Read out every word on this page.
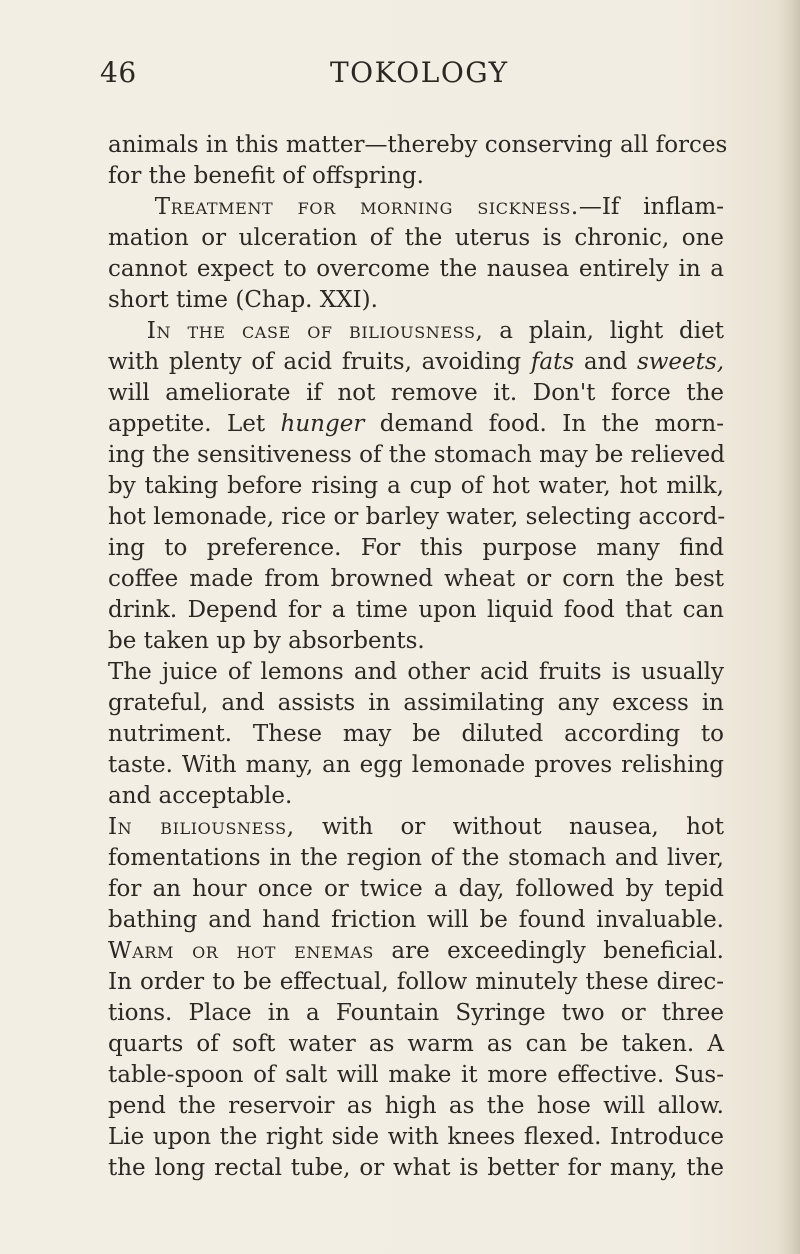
46	TOKOLOGY
animals in this matter—thereby conserving all forces
for the benefit of offspring.
  Treatment for morning sickness.—If inflam-
mation or ulceration of the uterus is chronic, one
cannot expect to overcome the nausea entirely in a
short time (Chap. XXI).
  In the case of biliousness, a plain, light diet
with plenty of acid fruits, avoiding fats and sweets,
will ameliorate if not remove it. Don't force the
appetite. Let hunger demand food. In the morn-
ing the sensitiveness of the stomach may be relieved
by taking before rising a cup of hot water, hot milk,
hot lemonade, rice or barley water, selecting accord-
ing to preference. For this purpose many find
coffee made from browned wheat or corn the best
drink. Depend for a time upon liquid food that can
be taken up by absorbents.
The juice of lemons and other acid fruits is usually
grateful, and assists in assimilating any excess in
nutriment. These may be diluted according to
taste. With many, an egg lemonade proves relishing
and acceptable.
In biliousness, with or without nausea, hot
fomentations in the region of the stomach and liver,
for an hour once or twice a day, followed by tepid
bathing and hand friction will be found invaluable.
Warm or hot enemas are exceedingly beneficial.
In order to be effectual, follow minutely these direc-
tions. Place in a Fountain Syringe two or three
quarts of soft water as warm as can be taken. A
table-spoon of salt will make it more effective. Sus-
pend the reservoir as high as the hose will allow.
Lie upon the right side with knees flexed. Introduce
the long rectal tube, or what is better for many, the
